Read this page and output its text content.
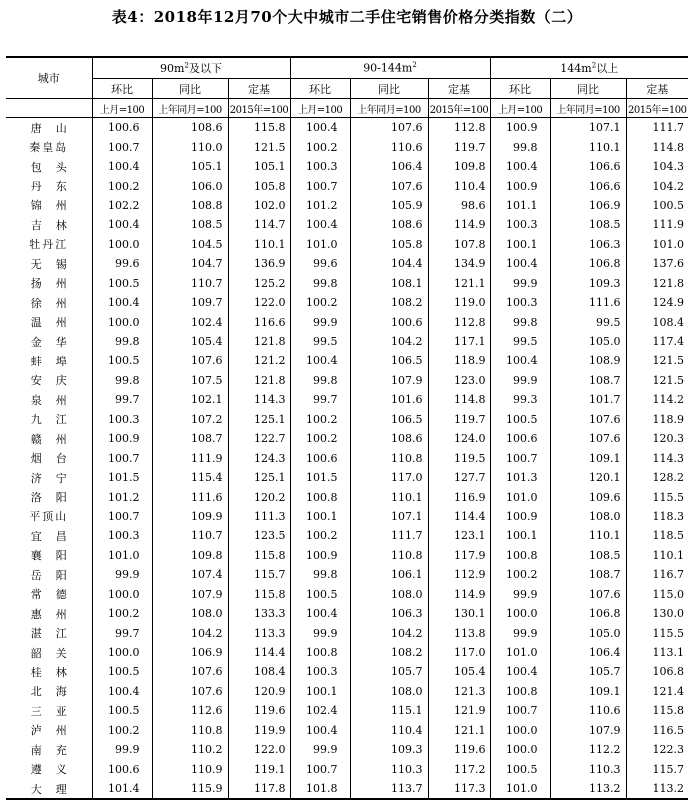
表4：2018年12月70个大中城市二手住宅销售价格分类指数（二）
城市	$90m^2$及以下			$90-144m^2$			$144m^2$以上		
	环比	同比	定基	环比	同比	定基	环比	同比	定基
	上月=100	上年同月=100	2015年=100	上月=100	上年同月=100	2015年=100	上月=100	上年同月=100	2015年=100
唐山	100.6	108.6	115.8	100.4	107.6	112.8	100.9	107.1	111.7
秦皇岛	100.7	110.0	121.5	100.2	110.6	119.7	99.8	110.1	114.8
包头	100.4	105.1	105.1	100.3	106.4	109.8	100.4	106.6	104.3
丹东	100.2	106.0	105.8	100.7	107.6	110.4	100.9	106.6	104.2
锦州	102.2	108.8	102.0	101.2	105.9	98.6	101.1	106.9	100.5
吉林	100.4	108.5	114.7	100.4	108.6	114.9	100.3	108.5	111.9
牡丹江	100.0	104.5	110.1	101.0	105.8	107.8	100.1	106.3	101.0
无锡	99.6	104.7	136.9	99.6	104.4	134.9	100.4	106.8	137.6
扬州	100.5	110.7	125.2	99.8	108.1	121.1	99.9	109.3	121.8
徐州	100.4	109.7	122.0	100.2	108.2	119.0	100.3	111.6	124.9
温州	100.0	102.4	116.6	99.9	100.6	112.8	99.8	99.5	108.4
金华	99.8	105.4	121.8	99.5	104.2	117.1	99.5	105.0	117.4
蚌埠	100.5	107.6	121.2	100.4	106.5	118.9	100.4	108.9	121.5
安庆	99.8	107.5	121.8	99.8	107.9	123.0	99.9	108.7	121.5
泉州	99.7	102.1	114.3	99.7	101.6	114.8	99.3	101.7	114.2
九江	100.3	107.2	125.1	100.2	106.5	119.7	100.5	107.6	118.9
赣州	100.9	108.7	122.7	100.2	108.6	124.0	100.6	107.6	120.3
烟台	100.7	111.9	124.3	100.6	110.8	119.5	100.7	109.1	114.3
济宁	101.5	115.4	125.1	101.5	117.0	127.7	101.3	120.1	128.2
洛阳	101.2	111.6	120.2	100.8	110.1	116.9	101.0	109.6	115.5
平顶山	100.7	109.9	111.3	100.1	107.1	114.4	100.9	108.0	118.3
宜昌	100.3	110.7	123.5	100.2	111.7	123.1	100.1	110.1	118.5
襄阳	101.0	109.8	115.8	100.9	110.8	117.9	100.8	108.5	110.1
岳阳	99.9	107.4	115.7	99.8	106.1	112.9	100.2	108.7	116.7
常德	100.0	107.9	115.8	100.5	108.0	114.9	99.9	107.6	115.0
惠州	100.2	108.0	133.3	100.4	106.3	130.1	100.0	106.8	130.0
湛江	99.7	104.2	113.3	99.9	104.2	113.8	99.9	105.0	115.5
韶关	100.0	106.9	114.4	100.8	108.2	117.0	101.0	106.4	113.1
桂林	100.5	107.6	108.4	100.3	105.7	105.4	100.4	105.7	106.8
北海	100.4	107.6	120.9	100.1	108.0	121.3	100.8	109.1	121.4
三亚	100.5	112.6	119.6	102.4	115.1	121.9	100.7	110.6	115.8
泸州	100.2	110.8	119.9	100.4	110.4	121.1	100.0	107.9	116.5
南充	99.9	110.2	122.0	99.9	109.3	119.6	100.0	112.2	122.3
遵义	100.6	110.9	119.1	100.7	110.3	117.2	100.5	110.3	115.7
大理	101.4	115.9	117.8	101.8	113.7	117.3	101.0	113.2	113.2
